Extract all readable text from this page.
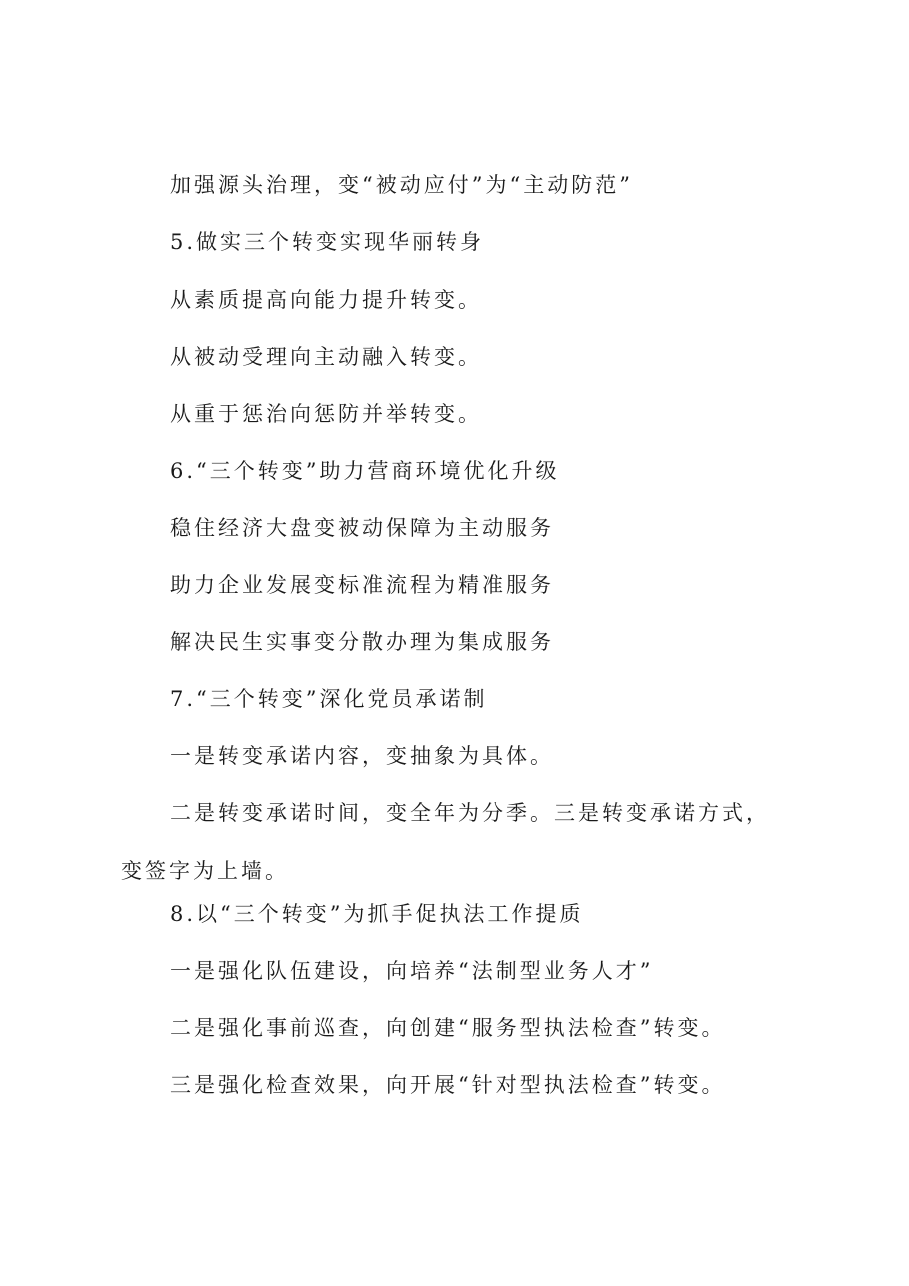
加强源头治理，变“被动应付”为“主动防范”
5.做实三个转变实现华丽转身
从素质提高向能力提升转变。
从被动受理向主动融入转变。
从重于惩治向惩防并举转变。
6.“三个转变”助力营商环境优化升级
稳住经济大盘变被动保障为主动服务
助力企业发展变标准流程为精准服务
解决民生实事变分散办理为集成服务
7.“三个转变”深化党员承诺制
一是转变承诺内容，变抽象为具体。
二是转变承诺时间，变全年为分季。三是转变承诺方式，变签字为上墙。
8.以“三个转变”为抓手促执法工作提质
一是强化队伍建设，向培养“法制型业务人才”
二是强化事前巡查，向创建“服务型执法检查”转变。
三是强化检查效果，向开展“针对型执法检查”转变。
